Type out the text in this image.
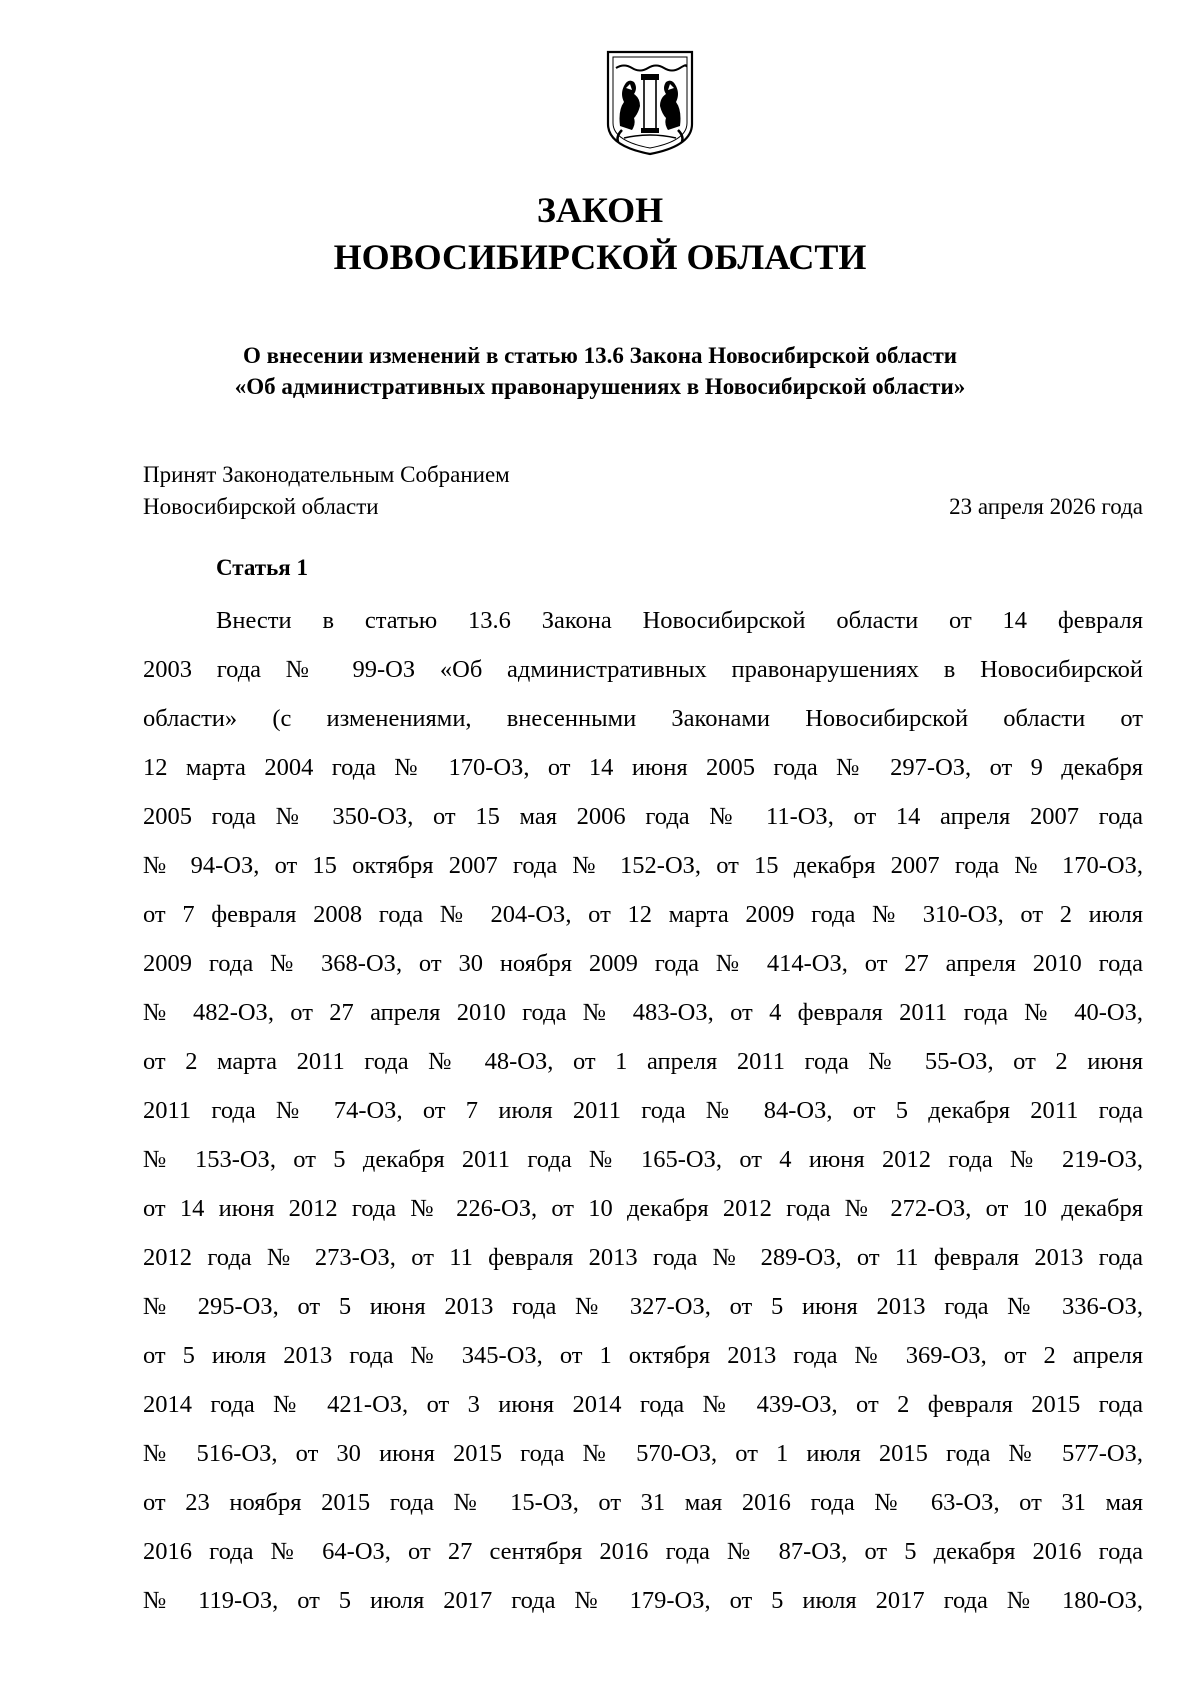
ЗАКОН
НОВОСИБИРСКОЙ ОБЛАСТИ
О внесении изменений в статью 13.6 Закона Новосибирской области
«Об административных правонарушениях в Новосибирской области»
Принят Законодательным Собранием
Новосибирской области	23 апреля 2026 года
Статья 1
Внести в статью 13.6 Закона Новосибирской области от 14 февраля
2003 года № 99-ОЗ «Об административных правонарушениях в Новосибирской
области» (с изменениями, внесенными Законами Новосибирской области от
12 марта 2004 года № 170-ОЗ, от 14 июня 2005 года № 297-ОЗ, от 9 декабря
2005 года № 350-ОЗ, от 15 мая 2006 года № 11-ОЗ, от 14 апреля 2007 года
№ 94-ОЗ, от 15 октября 2007 года № 152-ОЗ, от 15 декабря 2007 года № 170-ОЗ,
от 7 февраля 2008 года № 204-ОЗ, от 12 марта 2009 года № 310-ОЗ, от 2 июля
2009 года № 368-ОЗ, от 30 ноября 2009 года № 414-ОЗ, от 27 апреля 2010 года
№ 482-ОЗ, от 27 апреля 2010 года № 483-ОЗ, от 4 февраля 2011 года № 40-ОЗ,
от 2 марта 2011 года № 48-ОЗ, от 1 апреля 2011 года № 55-ОЗ, от 2 июня
2011 года № 74-ОЗ, от 7 июля 2011 года № 84-ОЗ, от 5 декабря 2011 года
№ 153-ОЗ, от 5 декабря 2011 года № 165-ОЗ, от 4 июня 2012 года № 219-ОЗ,
от 14 июня 2012 года № 226-ОЗ, от 10 декабря 2012 года № 272-ОЗ, от 10 декабря
2012 года № 273-ОЗ, от 11 февраля 2013 года № 289-ОЗ, от 11 февраля 2013 года
№ 295-ОЗ, от 5 июня 2013 года № 327-ОЗ, от 5 июня 2013 года № 336-ОЗ,
от 5 июля 2013 года № 345-ОЗ, от 1 октября 2013 года № 369-ОЗ, от 2 апреля
2014 года № 421-ОЗ, от 3 июня 2014 года № 439-ОЗ, от 2 февраля 2015 года
№ 516-ОЗ, от 30 июня 2015 года № 570-ОЗ, от 1 июля 2015 года № 577-ОЗ,
от 23 ноября 2015 года № 15-ОЗ, от 31 мая 2016 года № 63-ОЗ, от 31 мая
2016 года № 64-ОЗ, от 27 сентября 2016 года № 87-ОЗ, от 5 декабря 2016 года
№ 119-ОЗ, от 5 июля 2017 года № 179-ОЗ, от 5 июля 2017 года № 180-ОЗ,
